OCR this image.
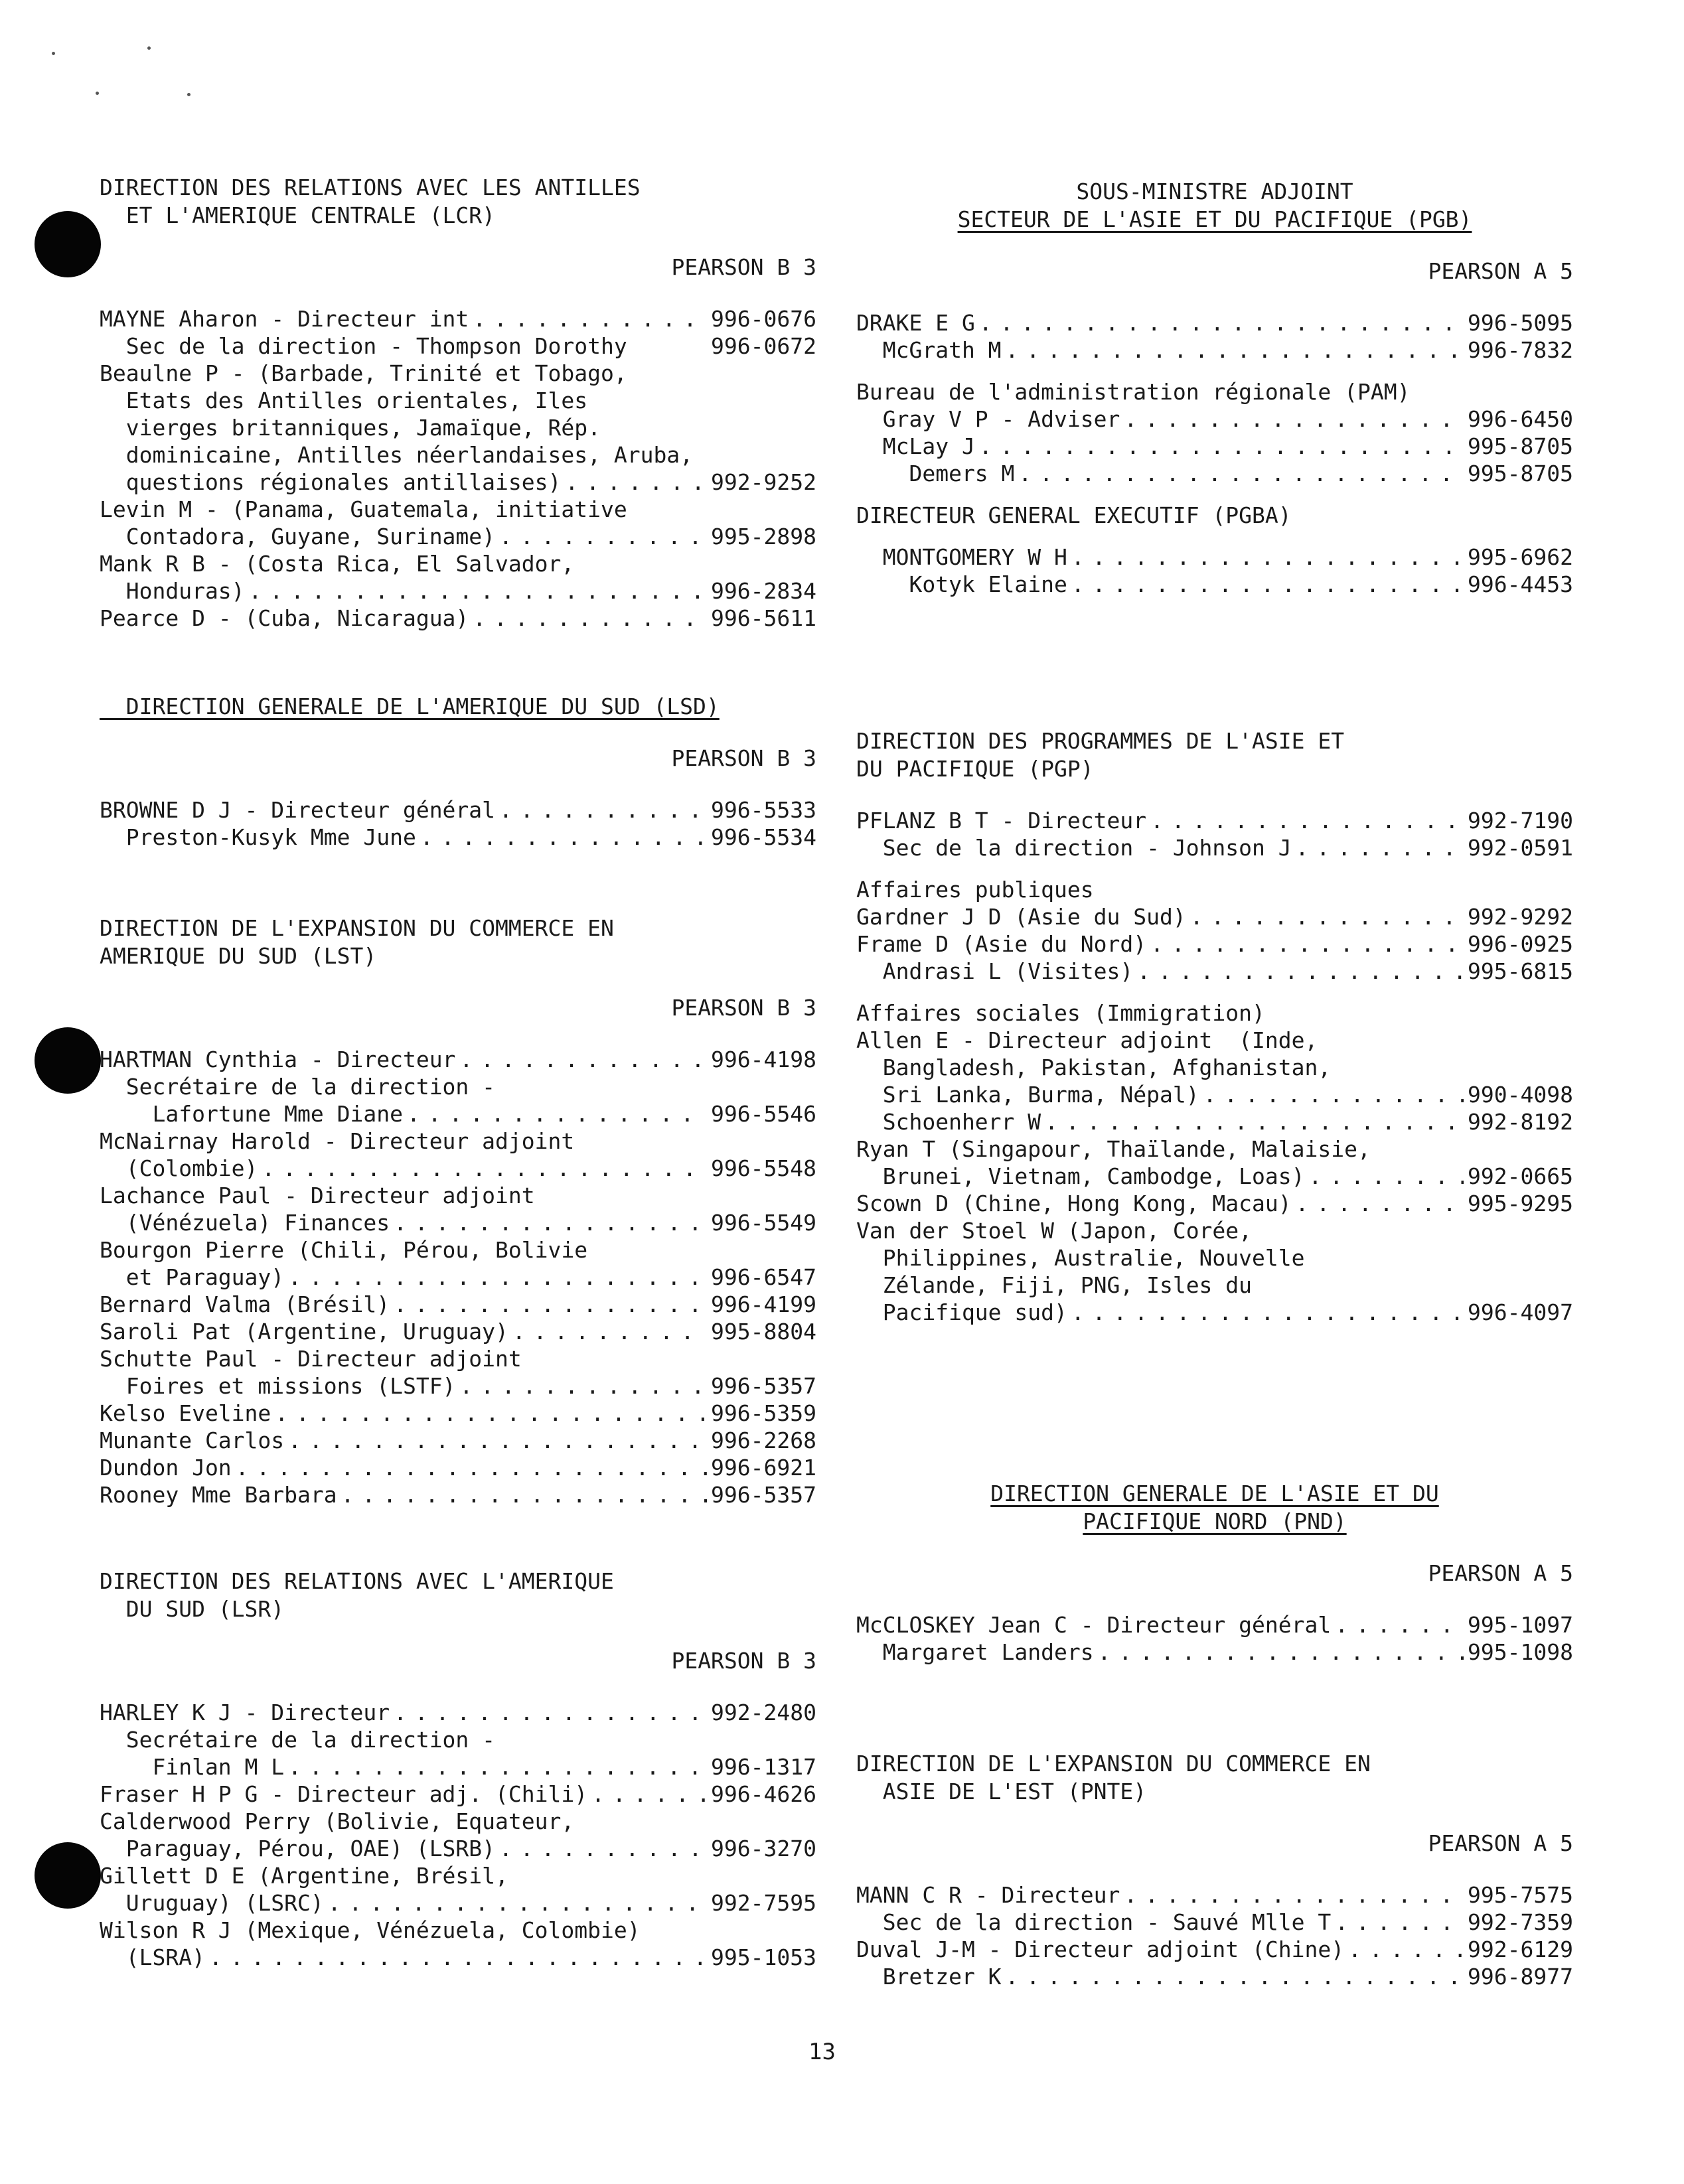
DIRECTION DES RELATIONS AVEC LES ANTILLES
ET L'AMERIQUE CENTRALE (LCR)
PEARSON B 3
MAYNE Aharon - Directeur int . . .	996-0676
Sec de la direction - Thompson Dorothy	996-0672
Beaulne P - (Barbade, Trinité et Tobago,
Etats des Antilles orientales, Iles
vierges britanniques, Jamaïque, Rép.
dominicaine, Antilles néerlandaises, Aruba,
questions régionales antillaises) . . .	992-9252
Levin M - (Panama, Guatemala, initiative
Contadora, Guyane, Suriname) . . .	995-2898
Mank R B - (Costa Rica, El Salvador,
Honduras) . . .	996-2834
Pearce D - (Cuba, Nicaragua) . . .	996-5611
DIRECTION GENERALE DE L'AMERIQUE DU SUD (LSD)
PEARSON B 3
BROWNE D J - Directeur général . . .	996-5533
Preston-Kusyk Mme June . . .	996-5534
DIRECTION DE L'EXPANSION DU COMMERCE EN
AMERIQUE DU SUD (LST)
PEARSON B 3
HARTMAN Cynthia - Directeur . . .	996-4198
Secrétaire de la direction -
Lafortune Mme Diane . . .	996-5546
McNairnay Harold - Directeur adjoint
(Colombie) . . .	996-5548
Lachance Paul - Directeur adjoint
(Vénézuela) Finances . . .	996-5549
Bourgon Pierre (Chili, Pérou, Bolivie
et Paraguay) . . .	996-6547
Bernard Valma (Brésil) . . .	996-4199
Saroli Pat (Argentine, Uruguay) . . .	995-8804
Schutte Paul - Directeur adjoint
Foires et missions (LSTF) . . .	996-5357
Kelso Eveline . . .	996-5359
Munante Carlos . . .	996-2268
Dundon Jon . . .	996-6921
Rooney Mme Barbara . . .	996-5357
DIRECTION DES RELATIONS AVEC L'AMERIQUE
DU SUD (LSR)
PEARSON B 3
HARLEY K J - Directeur . . .	992-2480
Secrétaire de la direction -
Finlan M L . . .	996-1317
Fraser H P G - Directeur adj. (Chili) . . .	996-4626
Calderwood Perry (Bolivie, Equateur,
Paraguay, Pérou, OAE) (LSRB) . . .	996-3270
Gillett D E (Argentine, Brésil,
Uruguay) (LSRC) . . .	992-7595
Wilson R J (Mexique, Vénézuela, Colombie)
(LSRA) . . .	995-1053
SOUS-MINISTRE ADJOINT
SECTEUR DE L'ASIE ET DU PACIFIQUE (PGB)
PEARSON A 5
DRAKE E G . . .	996-5095
McGrath M . . .	996-7832
Bureau de l'administration régionale (PAM)
Gray V P - Adviser . . .	996-6450
McLay J . . .	995-8705
Demers M . . .	995-8705
DIRECTEUR GENERAL EXECUTIF (PGBA)
MONTGOMERY W H . . .	995-6962
Kotyk Elaine . . .	996-4453
DIRECTION DES PROGRAMMES DE L'ASIE ET
DU PACIFIQUE (PGP)
PFLANZ B T - Directeur . . .	992-7190
Sec de la direction - Johnson J . . .	992-0591
Affaires publiques
Gardner J D (Asie du Sud) . . .	992-9292
Frame D (Asie du Nord) . . .	996-0925
Andrasi L (Visites) . . .	995-6815
Affaires sociales (Immigration)
Allen E - Directeur adjoint  (Inde,
Bangladesh, Pakistan, Afghanistan,
Sri Lanka, Burma, Népal) . . .	990-4098
Schoenherr W . . .	992-8192
Ryan T (Singapour, Thaïlande, Malaisie,
Brunei, Vietnam, Cambodge, Loas) . . .	992-0665
Scown D (Chine, Hong Kong, Macau) . . .	995-9295
Van der Stoel W (Japon, Corée,
Philippines, Australie, Nouvelle
Zélande, Fiji, PNG, Isles du
Pacifique sud) . . .	996-4097
DIRECTION GENERALE DE L'ASIE ET DU
PACIFIQUE NORD (PND)
PEARSON A 5
McCLOSKEY Jean C - Directeur général . . .	995-1097
Margaret Landers . . .	995-1098
DIRECTION DE L'EXPANSION DU COMMERCE EN
ASIE DE L'EST (PNTE)
PEARSON A 5
MANN C R - Directeur . . .	995-7575
Sec de la direction - Sauvé Mlle T . . .	992-7359
Duval J-M - Directeur adjoint (Chine) . . .	992-6129
Bretzer K . . .	996-8977
13
